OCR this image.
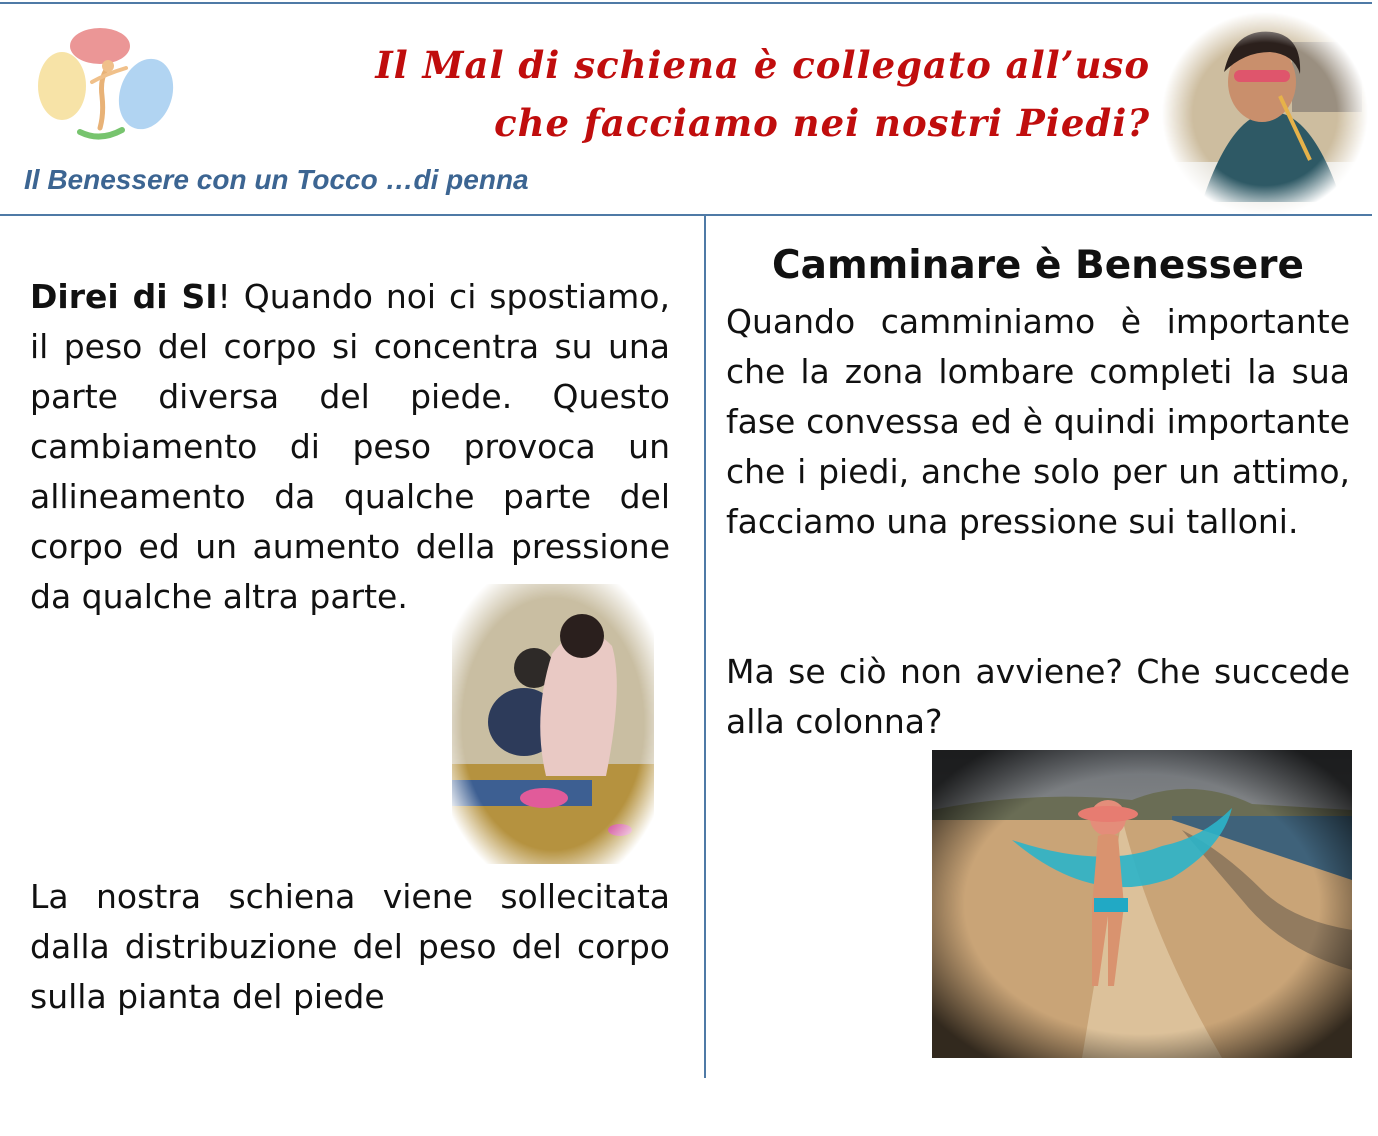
Il Mal di schiena è collegato all’uso
che facciamo nei nostri Piedi?
Il Benessere con un Tocco …di penna

Direi di SI! Quando noi ci spostiamo, il peso del corpo si concentra su una parte diversa del piede. Questo cambiamento di peso provoca un allineamento da qualche parte del corpo ed un aumento della pressione da qualche altra parte.

La nostra schiena viene sollecitata dalla distribuzione del peso del corpo sulla pianta del piede

Camminare è Benessere

Quando camminiamo è importante che la zona lombare completi la sua fase convessa ed è quindi importante che i piedi, anche solo per un attimo, facciamo una pressione sui talloni.

Ma se ciò non avviene? Che succede alla colonna?
